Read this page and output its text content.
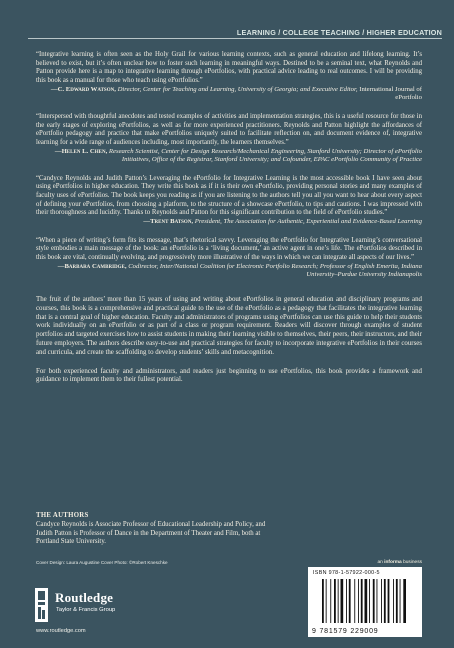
LEARNING / COLLEGE TEACHING / HIGHER EDUCATION

“Integrative learning is often seen as the Holy Grail for various learning contexts, such as general education and lifelong learning. It’s believed to exist, but it’s often unclear how to foster such learning in meaningful ways. Destined to be a seminal text, what Reynolds and Patton provide here is a map to integrative learning through ePortfolios, with practical advice leading to real outcomes. I will be providing this book as a manual for those who teach using ePortfolios.”

—C. Edward Watson, Director, Center for Teaching and Learning, University of Georgia; and Executive Editor, International Journal of ePortfolio

“Interspersed with thoughtful anecdotes and tested examples of activities and implementation strategies, this is a useful resource for those in the early stages of exploring ePortfolios, as well as for more experienced practitioners. Reynolds and Patton highlight the affordances of ePortfolio pedagogy and practice that make ePortfolios uniquely suited to facilitate reflection on, and document evidence of, integrative learning for a wide range of audiences including, most importantly, the learners themselves.”

—Helen L. Chen, Research Scientist, Center for Design Research/Mechanical Engineering, Stanford University; Director of ePortfolio Initiatives, Office of the Registrar, Stanford University; and Cofounder, EPAC ePortfolio Community of Practice

“Candyce Reynolds and Judith Patton’s Leveraging the ePortfolio for Integrative Learning is the most accessible book I have seen about using ePortfolios in higher education. They write this book as if it is their own ePortfolio, providing personal stories and many examples of faculty uses of ePortfolios. The book keeps you reading as if you are listening to the authors tell you all you want to hear about every aspect of defining your ePortfolios, from choosing a platform, to the structure of a showcase ePortfolio, to tips and cautions. I was impressed with their thoroughness and lucidity. Thanks to Reynolds and Patton for this significant contribution to the field of ePortfolio studies.”

—Trent Batson, President, The Association for Authentic, Experiential and Evidence-Based Learning

“When a piece of writing’s form fits its message, that’s rhetorical savvy. Leveraging the ePortfolio for Integrative Learning’s conversational style embodies a main message of the book: an ePortfolio is a ‘living document,’ an active agent in one’s life. The ePortfolios described in this book are vital, continually evolving, and progressively more illustrative of the ways in which we can integrate all aspects of our lives.”

—Barbara Cambridge, Codirector, Inter/National Coalition for Electronic Portfolio Research; Professor of English Emerita, Indiana University–Purdue University Indianapolis

The fruit of the authors’ more than 15 years of using and writing about ePortfolios in general education and disciplinary programs and courses, this book is a comprehensive and practical guide to the use of the ePortfolio as a pedagogy that facilitates the integrative learning that is a central goal of higher education. Faculty and administrators of programs using ePortfolios can use this guide to help their students work individually on an ePortfolio or as part of a class or program requirement. Readers will discover through examples of student portfolios and targeted exercises how to assist students in making their learning visible to themselves, their peers, their instructors, and their future employers. The authors describe easy-to-use and practical strategies for faculty to incorporate integrative ePortfolios in their courses and curricula, and create the scaffolding to develop students’ skills and metacognition.

For both experienced faculty and administrators, and readers just beginning to use ePortfolios, this book provides a framework and guidance to implement them to their fullest potential.

THE AUTHORS

Candyce Reynolds is Associate Professor of Educational Leadership and Policy, and Judith Patton is Professor of Dance in the Department of Theater and Film, both at Portland State University.

Cover Design: Laura Augustine Cover Photo: ©Robert Kneschke
Routledge
Taylor & Francis Group
www.routledge.com
an informa business
ISBN 978-1-57922-000-5
9 781579 229009
